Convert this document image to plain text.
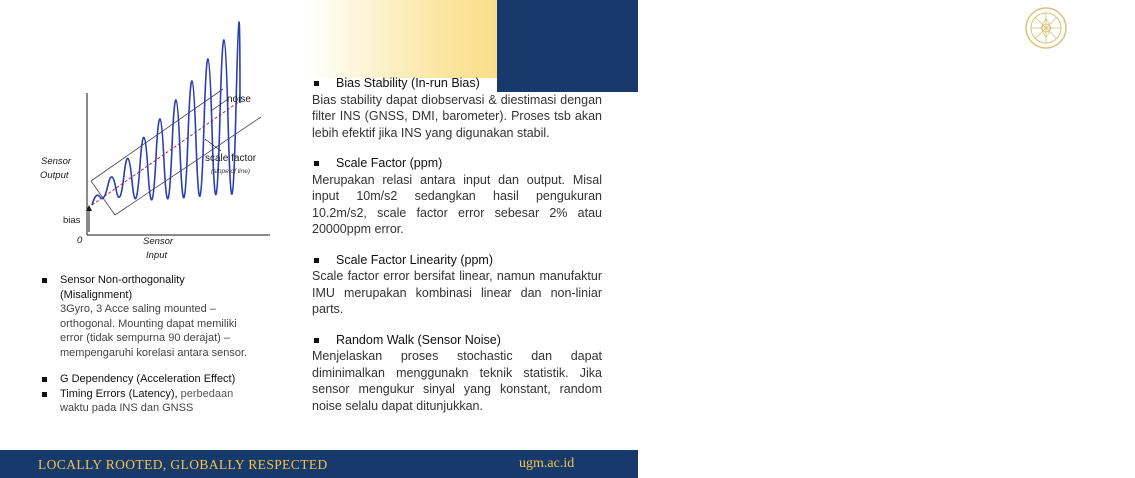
UNIVERSITAS
GADJAH MADA
noise
scale factor
(slope of line)
Sensor
Output
bias
0	Sensor
Input
Sensor Non-orthogonality
(Misalignment)
3Gyro, 3 Acce saling mounted –
orthogonal. Mounting dapat memiliki
error (tidak sempurna 90 derajat) –
mempengaruhi korelasi antara sensor.
G Dependency (Acceleration Effect)
Timing Errors (Latency), perbedaan
waktu pada INS dan GNSS
Bias Stability (In-run Bias)
Bias stability dapat diobservasi & diestimasi dengan filter INS (GNSS, DMI, barometer). Proses tsb akan lebih efektif jika INS yang digunakan stabil.
Scale Factor (ppm)
Merupakan relasi antara input dan output. Misal input 10m/s2 sedangkan hasil pengukuran 10.2m/s2, scale factor error sebesar 2% atau 20000ppm error.
Scale Factor Linearity (ppm)
Scale factor error bersifat linear, namun manufaktur IMU merupakan kombinasi linear dan non-liniar parts.
Random Walk (Sensor Noise)
Menjelaskan proses stochastic dan dapat diminimalkan menggunakn teknik statistik. Jika sensor mengukur sinyal yang konstant, random noise selalu dapat ditunjukkan.
LOCALLY ROOTED, GLOBALLY RESPECTED	ugm.ac.id
